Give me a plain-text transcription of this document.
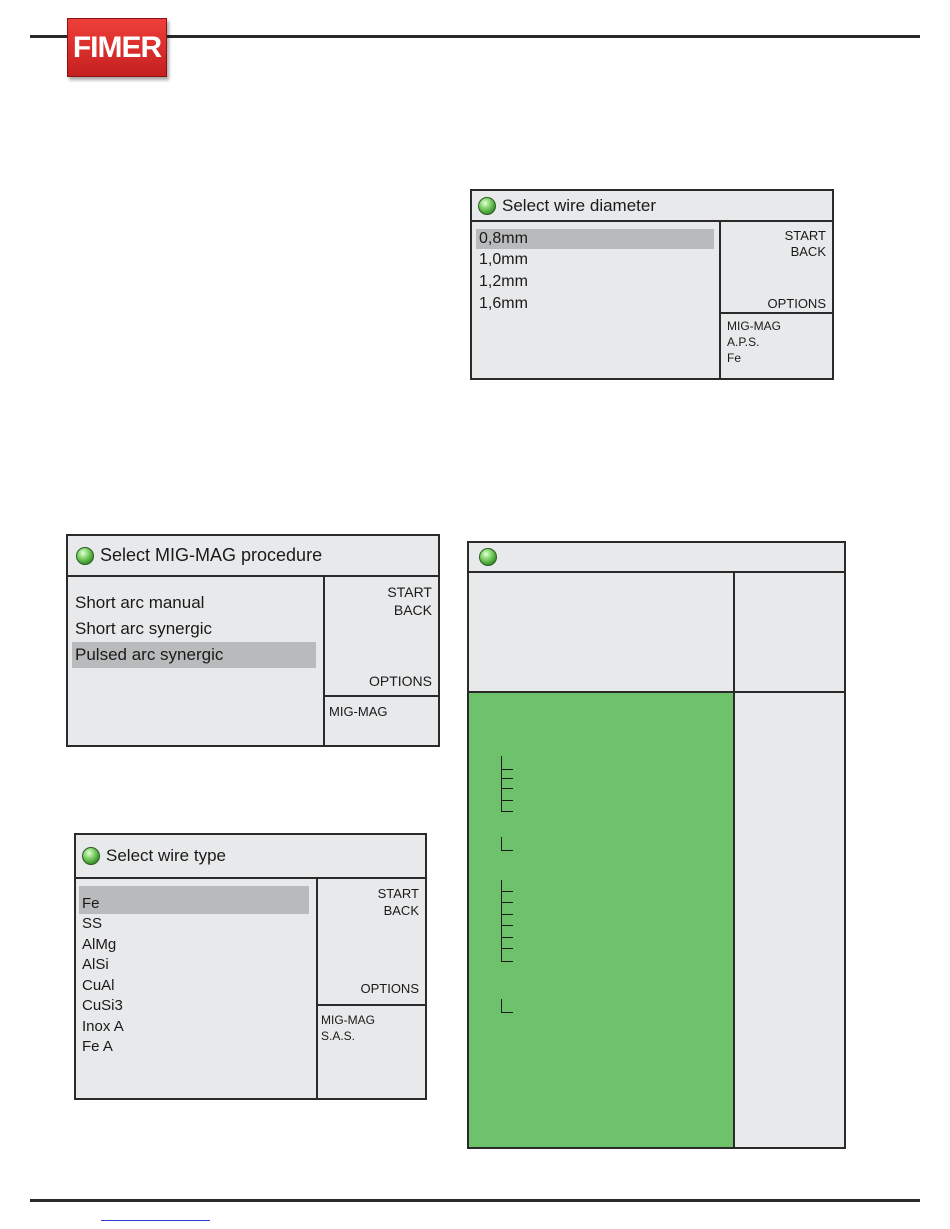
FIMER
Select wire diameter
0,8mm
1,0mm
1,2mm
1,6mm
START
BACK
OPTIONS
MIG-MAG
A.P.S.
Fe
Select MIG-MAG procedure
Short arc manual
Short arc synergic
Pulsed arc synergic
START
BACK
OPTIONS
MIG-MAG
Select wire type
Fe
SS
AlMg
AlSi
CuAl
CuSi3
Inox A
Fe A
START
BACK
OPTIONS
MIG-MAG
S.A.S.
